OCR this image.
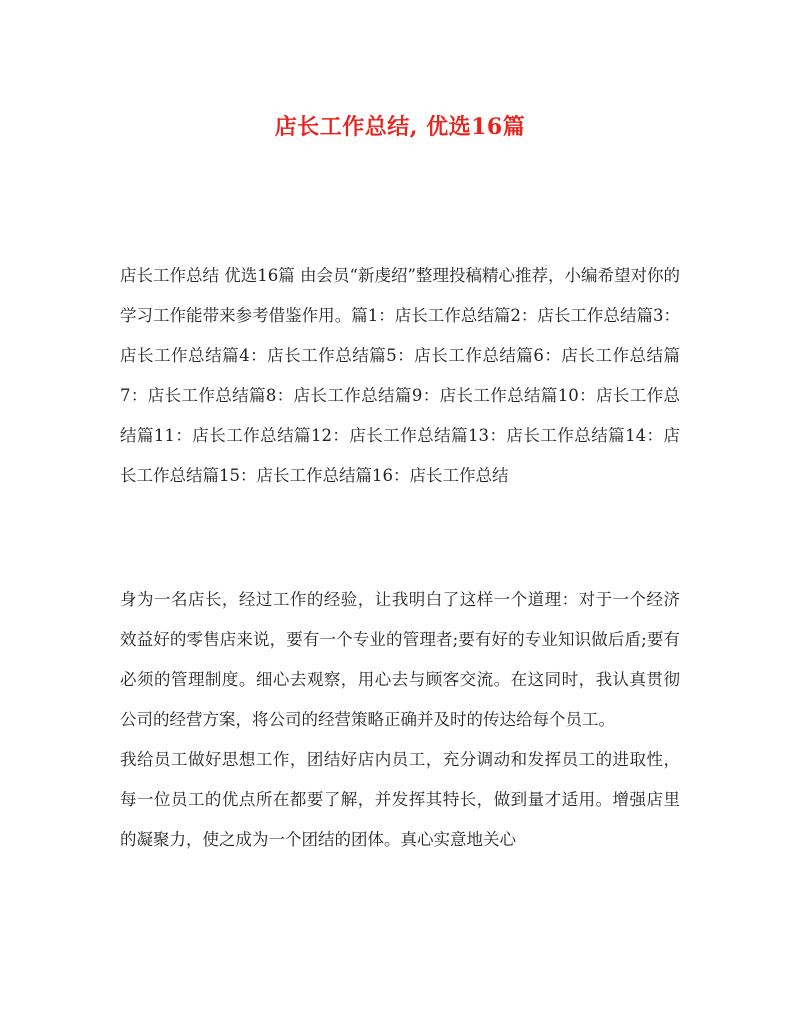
店长工作总结, 优选16篇

店长工作总结 优选16篇 由会员“新虔绍”整理投稿精心推荐，小编希望对你的学习工作能带来参考借鉴作用。篇1：店长工作总结篇2：店长工作总结篇3：店长工作总结篇4：店长工作总结篇5：店长工作总结篇6：店长工作总结篇7：店长工作总结篇8：店长工作总结篇9：店长工作总结篇10：店长工作总结篇11：店长工作总结篇12：店长工作总结篇13：店长工作总结篇14：店长工作总结篇15：店长工作总结篇16：店长工作总结

身为一名店长，经过工作的经验，让我明白了这样一个道理：对于一个经济效益好的零售店来说，要有一个专业的管理者;要有好的专业知识做后盾;要有必须的管理制度。细心去观察，用心去与顾客交流。在这同时，我认真贯彻公司的经营方案，将公司的经营策略正确并及时的传达给每个员工。

我给员工做好思想工作，团结好店内员工，充分调动和发挥员工的进取性，每一位员工的优点所在都要了解，并发挥其特长，做到量才适用。增强店里的凝聚力，使之成为一个团结的团体。真心实意地关心
